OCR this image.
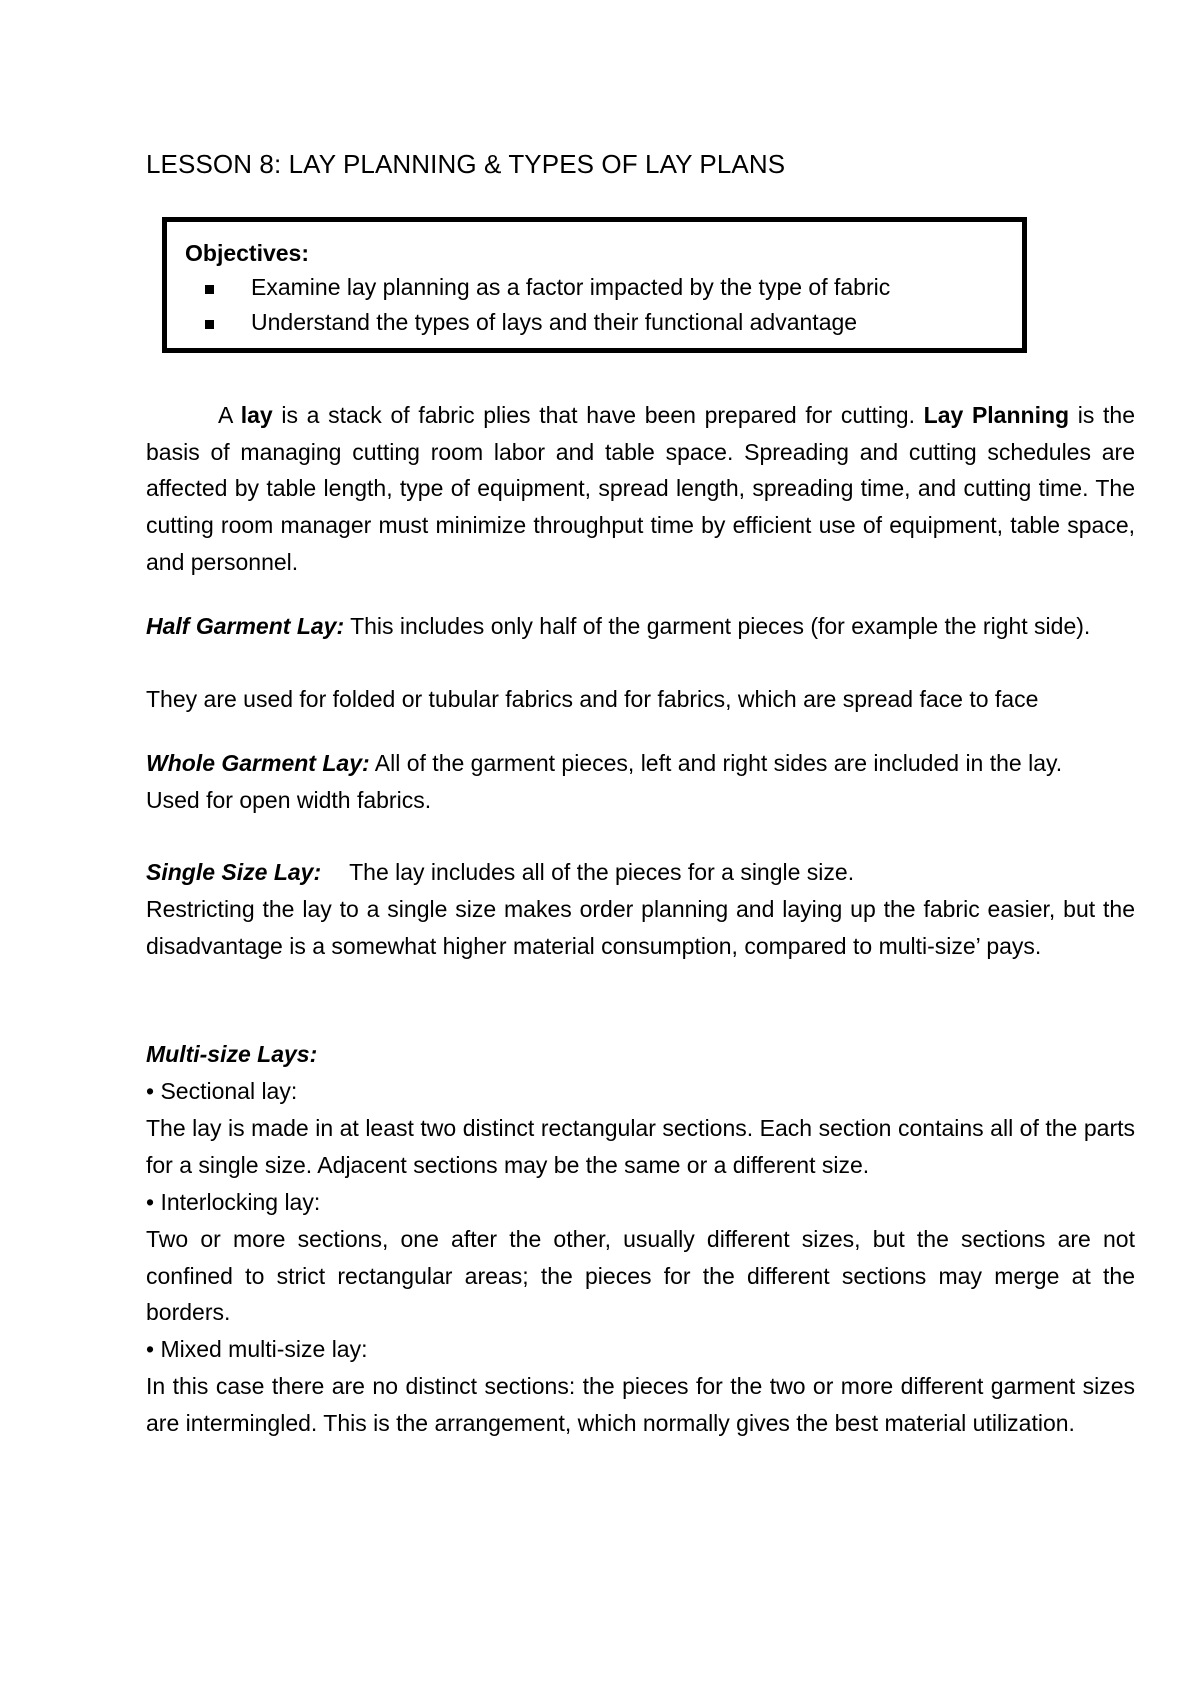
LESSON 8: LAY PLANNING & TYPES OF LAY PLANS
Objectives:
Examine lay planning as a factor impacted by the type of fabric
Understand the types of lays and their functional advantage

A lay is a stack of fabric plies that have been prepared for cutting. Lay Planning is the basis of managing cutting room labor and table space. Spreading and cutting schedules are affected by table length, type of equipment, spread length, spreading time, and cutting time. The cutting room manager must minimize throughput time by efficient use of equipment, table space, and personnel.

Half Garment Lay: This includes only half of the garment pieces (for example the right side).

They are used for folded or tubular fabrics and for fabrics, which are spread face to face

Whole Garment Lay: All of the garment pieces, left and right sides are included in the lay.

Used for open width fabrics.

Single Size Lay: The lay includes all of the pieces for a single size.

Restricting the lay to a single size makes order planning and laying up the fabric easier, but the disadvantage is a somewhat higher material consumption, compared to multi-size’ pays.

Multi-size Lays:

• Sectional lay:

The lay is made in at least two distinct rectangular sections. Each section contains all of the parts for a single size. Adjacent sections may be the same or a different size.

• Interlocking lay:

Two or more sections, one after the other, usually different sizes, but the sections are not confined to strict rectangular areas; the pieces for the different sections may merge at the borders.

• Mixed multi-size lay:

In this case there are no distinct sections: the pieces for the two or more different garment sizes are intermingled. This is the arrangement, which normally gives the best material utilization.
